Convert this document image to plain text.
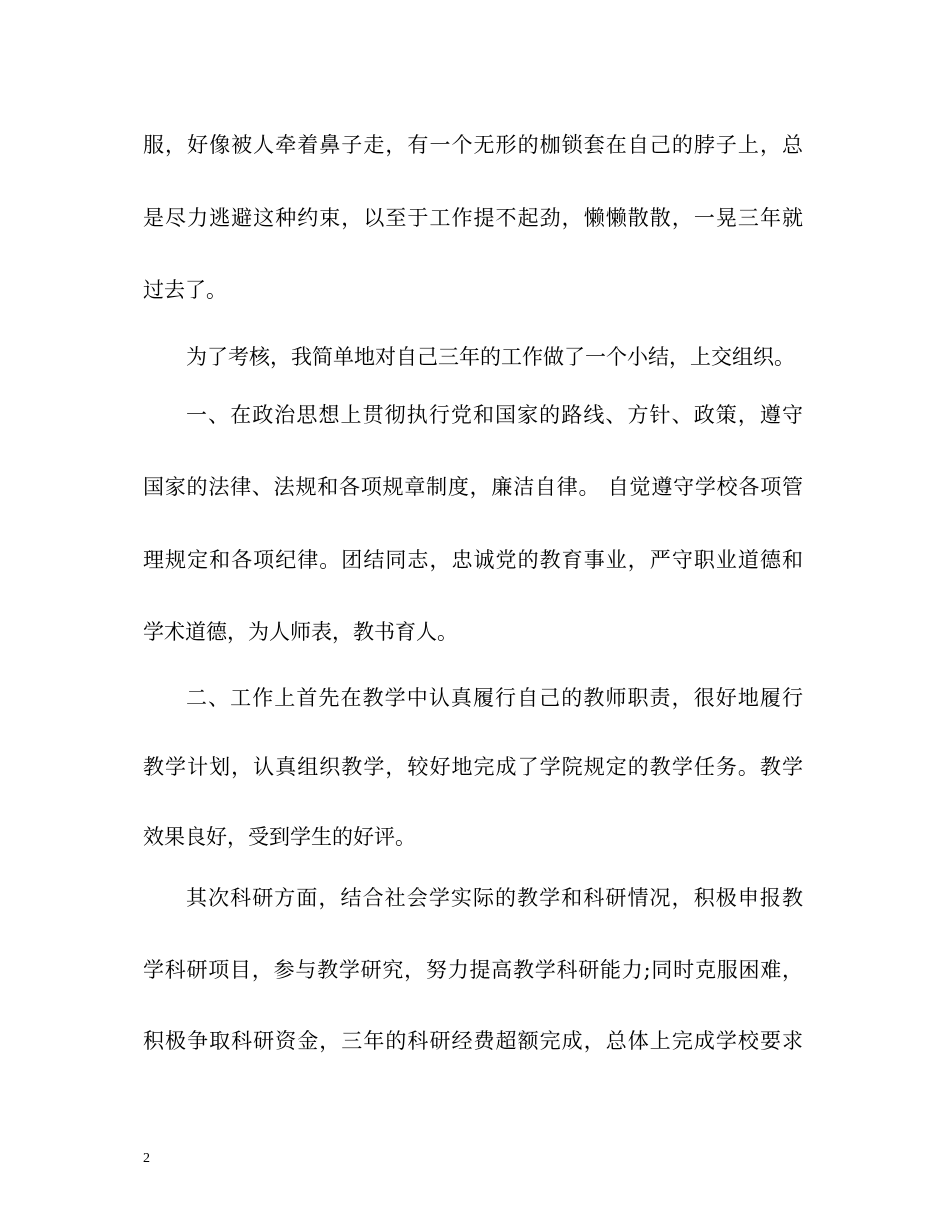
服，好像被人牵着鼻子走，有一个无形的枷锁套在自己的脖子上，总
是尽力逃避这种约束，以至于工作提不起劲，懒懒散散，一晃三年就
过去了。
为了考核，我简单地对自己三年的工作做了一个小结，上交组织。
一、在政治思想上贯彻执行党和国家的路线、方针、政策，遵守
国家的法律、法规和各项规章制度，廉洁自律。 自觉遵守学校各项管
理规定和各项纪律。团结同志，忠诚党的教育事业，严守职业道德和
学术道德，为人师表，教书育人。
二、工作上首先在教学中认真履行自己的教师职责，很好地履行
教学计划，认真组织教学，较好地完成了学院规定的教学任务。教学
效果良好，受到学生的好评。
其次科研方面，结合社会学实际的教学和科研情况，积极申报教
学科研项目，参与教学研究，努力提高教学科研能力;同时克服困难，
积极争取科研资金，三年的科研经费超额完成，总体上完成学校要求
2
